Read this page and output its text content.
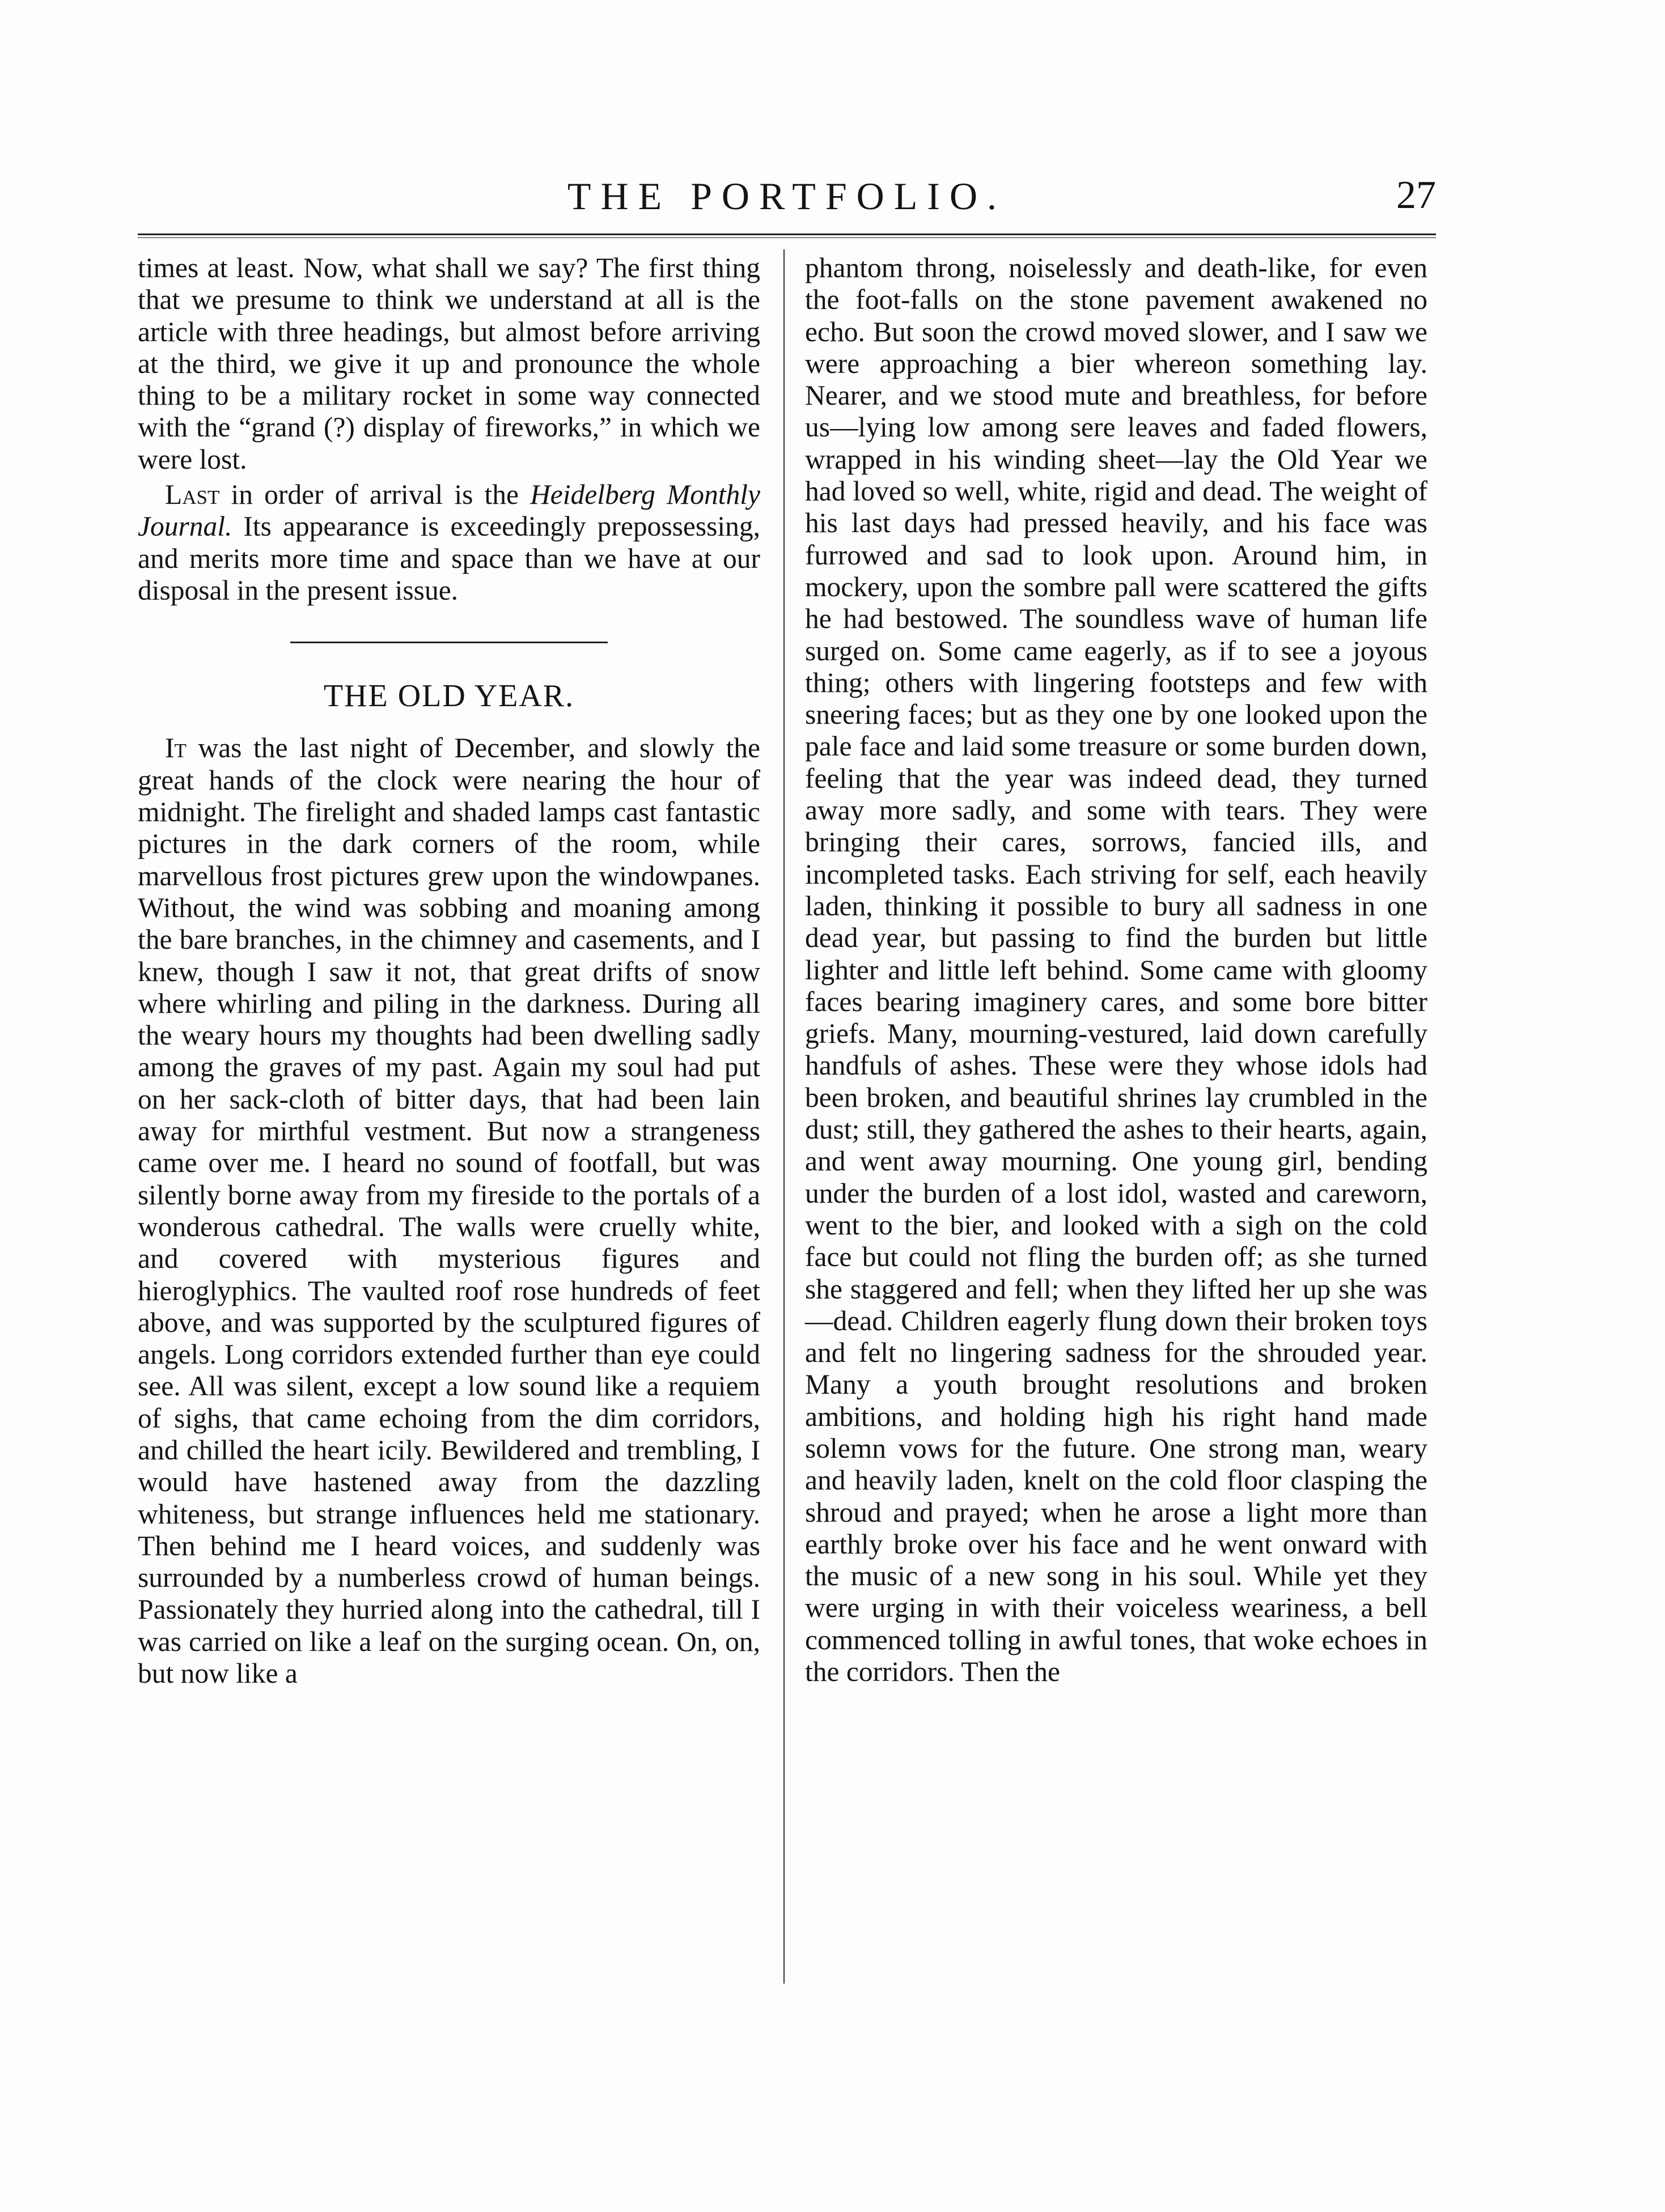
THE PORTFOLIO.	27

times at least. Now, what shall we say? The first thing that we presume to think we understand at all is the article with three headings, but almost before arriving at the third, we give it up and pronounce the whole thing to be a military rocket in some way connected with the “grand (?) display of fireworks,” in which we were lost.

Last in order of arrival is the Heidelberg Monthly Journal. Its appearance is exceedingly prepossessing, and merits more time and space than we have at our disposal in the present issue.

THE OLD YEAR.

It was the last night of December, and slowly the great hands of the clock were nearing the hour of midnight. The firelight and shaded lamps cast fantastic pictures in the dark corners of the room, while marvellous frost pictures grew upon the windowpanes. Without, the wind was sobbing and moaning among the bare branches, in the chimney and casements, and I knew, though I saw it not, that great drifts of snow where whirling and piling in the darkness. During all the weary hours my thoughts had been dwelling sadly among the graves of my past. Again my soul had put on her sack-cloth of bitter days, that had been lain away for mirthful vestment. But now a strangeness came over me. I heard no sound of footfall, but was silently borne away from my fireside to the portals of a wonderous cathedral. The walls were cruelly white, and covered with mysterious figures and hieroglyphics. The vaulted roof rose hundreds of feet above, and was supported by the sculptured figures of angels. Long corridors extended further than eye could see. All was silent, except a low sound like a requiem of sighs, that came echoing from the dim corridors, and chilled the heart icily. Bewildered and trembling, I would have hastened away from the dazzling whiteness, but strange influences held me stationary. Then behind me I heard voices, and suddenly was surrounded by a numberless crowd of human beings. Passionately they hurried along into the cathedral, till I was carried on like a leaf on the surging ocean. On, on, but now like a

phantom throng, noiselessly and death-like, for even the foot-falls on the stone pavement awakened no echo. But soon the crowd moved slower, and I saw we were approaching a bier whereon something lay. Nearer, and we stood mute and breathless, for before us—lying low among sere leaves and faded flowers, wrapped in his winding sheet—lay the Old Year we had loved so well, white, rigid and dead. The weight of his last days had pressed heavily, and his face was furrowed and sad to look upon. Around him, in mockery, upon the sombre pall were scattered the gifts he had bestowed. The soundless wave of human life surged on. Some came eagerly, as if to see a joyous thing; others with lingering footsteps and few with sneering faces; but as they one by one looked upon the pale face and laid some treasure or some burden down, feeling that the year was indeed dead, they turned away more sadly, and some with tears. They were bringing their cares, sorrows, fancied ills, and incompleted tasks. Each striving for self, each heavily laden, thinking it possible to bury all sadness in one dead year, but passing to find the burden but little lighter and little left behind. Some came with gloomy faces bearing imaginery cares, and some bore bitter griefs. Many, mourning-vestured, laid down carefully handfuls of ashes. These were they whose idols had been broken, and beautiful shrines lay crumbled in the dust; still, they gathered the ashes to their hearts, again, and went away mourning. One young girl, bending under the burden of a lost idol, wasted and careworn, went to the bier, and looked with a sigh on the cold face but could not fling the burden off; as she turned she staggered and fell; when they lifted her up she was—dead. Children eagerly flung down their broken toys and felt no lingering sadness for the shrouded year. Many a youth brought resolutions and broken ambitions, and holding high his right hand made solemn vows for the future. One strong man, weary and heavily laden, knelt on the cold floor clasping the shroud and prayed; when he arose a light more than earthly broke over his face and he went onward with the music of a new song in his soul. While yet they were urging in with their voiceless weariness, a bell commenced tolling in awful tones, that woke echoes in the corridors. Then the
